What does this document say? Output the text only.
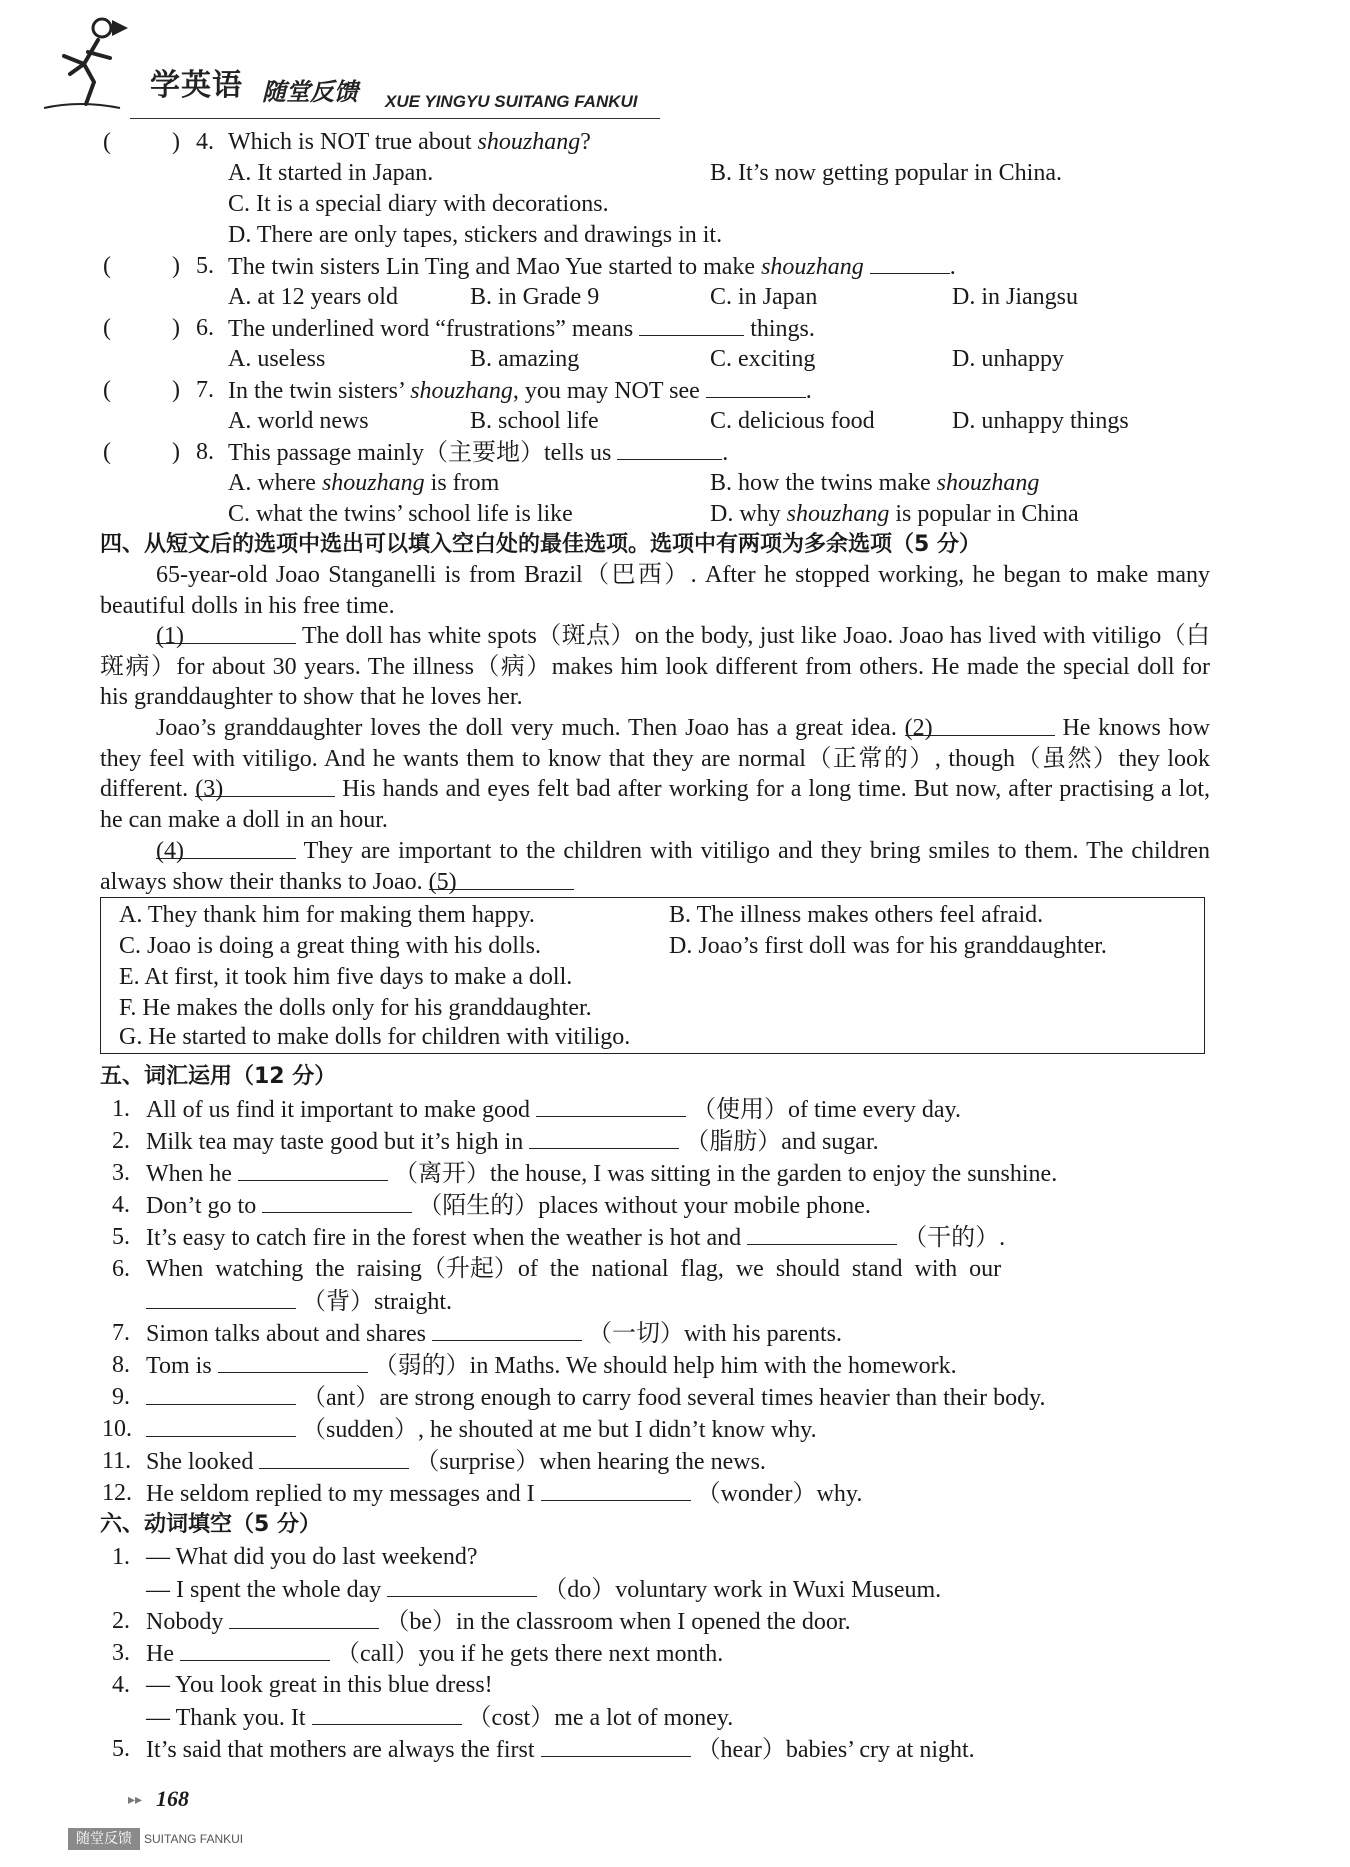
学英语 随堂反馈 XUE YINGYU SUITANG FANKUI
(	) 4. Which is NOT true about shouzhang?
A. It started in Japan.	B. It’s now getting popular in China.
C. It is a special diary with decorations.
D. There are only tapes, stickers and drawings in it.
(	) 5. The twin sisters Lin Ting and Mao Yue started to make shouzhang	.
A. at 12 years old	B. in Grade 9	C. in Japan	D. in Jiangsu
(	) 6. The underlined word “frustrations” means	things.
A. useless	B. amazing	C. exciting	D. unhappy
(	) 7. In the twin sisters’ shouzhang, you may NOT see	.
A. world news	B. school life	C. delicious food	D. unhappy things
(	) 8. This passage mainly（主要地）tells us	.
A. where shouzhang is from	B. how the twins make shouzhang
C. what the twins’ school life is like	D. why shouzhang is popular in China
四、从短文后的选项中选出可以填入空白处的最佳选项。选项中有两项为多余选项（5 分）
65-year-old Joao Stanganelli is from Brazil（巴西）. After he stopped working, he began to make many beautiful dolls in his free time.
(1)	The doll has white spots（斑点）on the body, just like Joao. Joao has lived with vitiligo（白斑病）for about 30 years. The illness（病）makes him look different from others. He made the special doll for his granddaughter to show that he loves her.
Joao’s granddaughter loves the doll very much. Then Joao has a great idea. (2)	He knows how they feel with vitiligo. And he wants them to know that they are normal（正常的）, though（虽然）they look different. (3)	His hands and eyes felt bad after working for a long time. But now, after practising a lot, he can make a doll in an hour.
(4)	They are important to the children with vitiligo and they bring smiles to them. The children always show their thanks to Joao. (5)
A. They thank him for making them happy.	B. The illness makes others feel afraid.
C. Joao is doing a great thing with his dolls.	D. Joao’s first doll was for his granddaughter.
E. At first, it took him five days to make a doll.
F. He makes the dolls only for his granddaughter.
G. He started to make dolls for children with vitiligo.
五、词汇运用（12 分）
1. All of us find it important to make good	（使用）of time every day.
2. Milk tea may taste good but it’s high in	（脂肪）and sugar.
3. When he	（离开）the house, I was sitting in the garden to enjoy the sunshine.
4. Don’t go to	（陌生的）places without your mobile phone.
5. It’s easy to catch fire in the forest when the weather is hot and	（干的）.
6. When  watching  the  raising（升起）of  the  national  flag,  we  should  stand  with  our
（背）straight.
7. Simon talks about and shares	（一切）with his parents.
8. Tom is	（弱的）in Maths. We should help him with the homework.
9.	（ant）are strong enough to carry food several times heavier than their body.
10.	（sudden）, he shouted at me but I didn’t know why.
11. She looked	（surprise）when hearing the news.
12. He seldom replied to my messages and I	（wonder）why.
六、动词填空（5 分）
1. — What did you do last weekend?
— I spent the whole day	（do）voluntary work in Wuxi Museum.
2. Nobody	（be）in the classroom when I opened the door.
3. He	（call）you if he gets there next month.
4. — You look great in this blue dress!
— Thank you. It	（cost）me a lot of money.
5. It’s said that mothers are always the first	（hear）babies’ cry at night.
▸▸ 168
随堂反馈	SUITANG FANKUI
